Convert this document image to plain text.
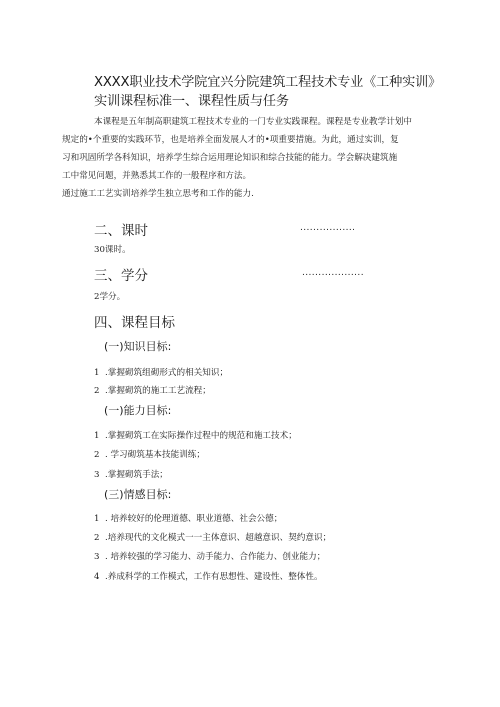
XXXX职业技术学院宜兴分院建筑工程技术专业《工种实训》
实训课程标准一、课程性质与任务
本课程是五年制高职建筑工程技术专业的一门专业实践课程。课程是专业教学计划中
规定的•个重要的实践环节，也是培养全面发展人才的•项重要措施。为此，通过实训，复
习和巩固所学各科知识，培养学生综合运用理论知识和综合技能的能力。学会解决建筑施
工中常见问题，并熟悉其工作的一般程序和方法。
通过施工工艺实训培养学生独立思考和工作的能力.
二、课时	.................
30课时。
三、学分	...................
2学分。
四、课程目标
(一)知识目标:
1 .掌握砌筑组砌形式的相关知识；
2 .掌握砌筑的施工工艺流程；
(一)能力目标:
1 .掌握砌筑工在实际操作过程中的规范和施工技术；
2 . 学习砌筑基本技能训练；
3 .掌握砌筑手法；
(三)情感目标:
1 . 培养较好的伦理道德、职业道德、社会公德；
2 .培养现代的文化模式一一主体意识、超越意识、契约意识；
3 . 培养较强的学习能力、动手能力、合作能力、创业能力；
4 .养成科学的工作模式，工作有思想性、建设性、整体性。
